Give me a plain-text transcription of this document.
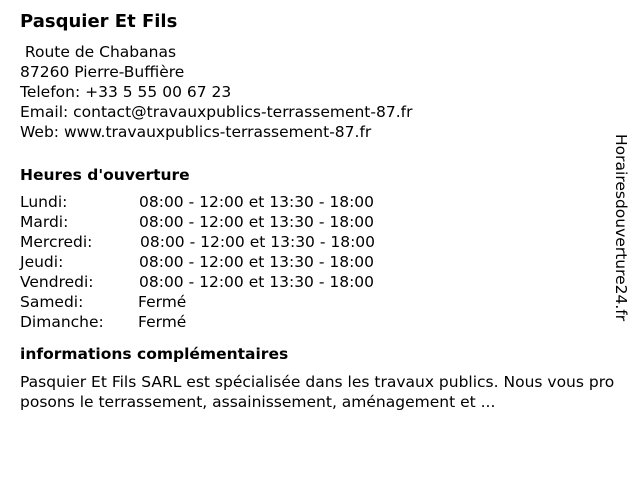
Pasquier Et Fils
Route de Chabanas
87260 Pierre-Buffière
Telefon: +33 5 55 00 67 23
Email: contact@travauxpublics-terrassement-87.fr
Web: www.travauxpublics-terrassement-87.fr
Heures d'ouverture
Lundi:	08:00 - 12:00 et 13:30 - 18:00
Mardi:	08:00 - 12:00 et 13:30 - 18:00
Mercredi:	08:00 - 12:00 et 13:30 - 18:00
Jeudi:	08:00 - 12:00 et 13:30 - 18:00
Vendredi:	08:00 - 12:00 et 13:30 - 18:00
Samedi:	Fermé
Dimanche: Fermé
informations complémentaires
Pasquier Et Fils SARL est spécialisée dans les travaux publics. Nous vous proposons le terrassement, assainissement, aménagement et ...
Horairesdouverture24.fr
